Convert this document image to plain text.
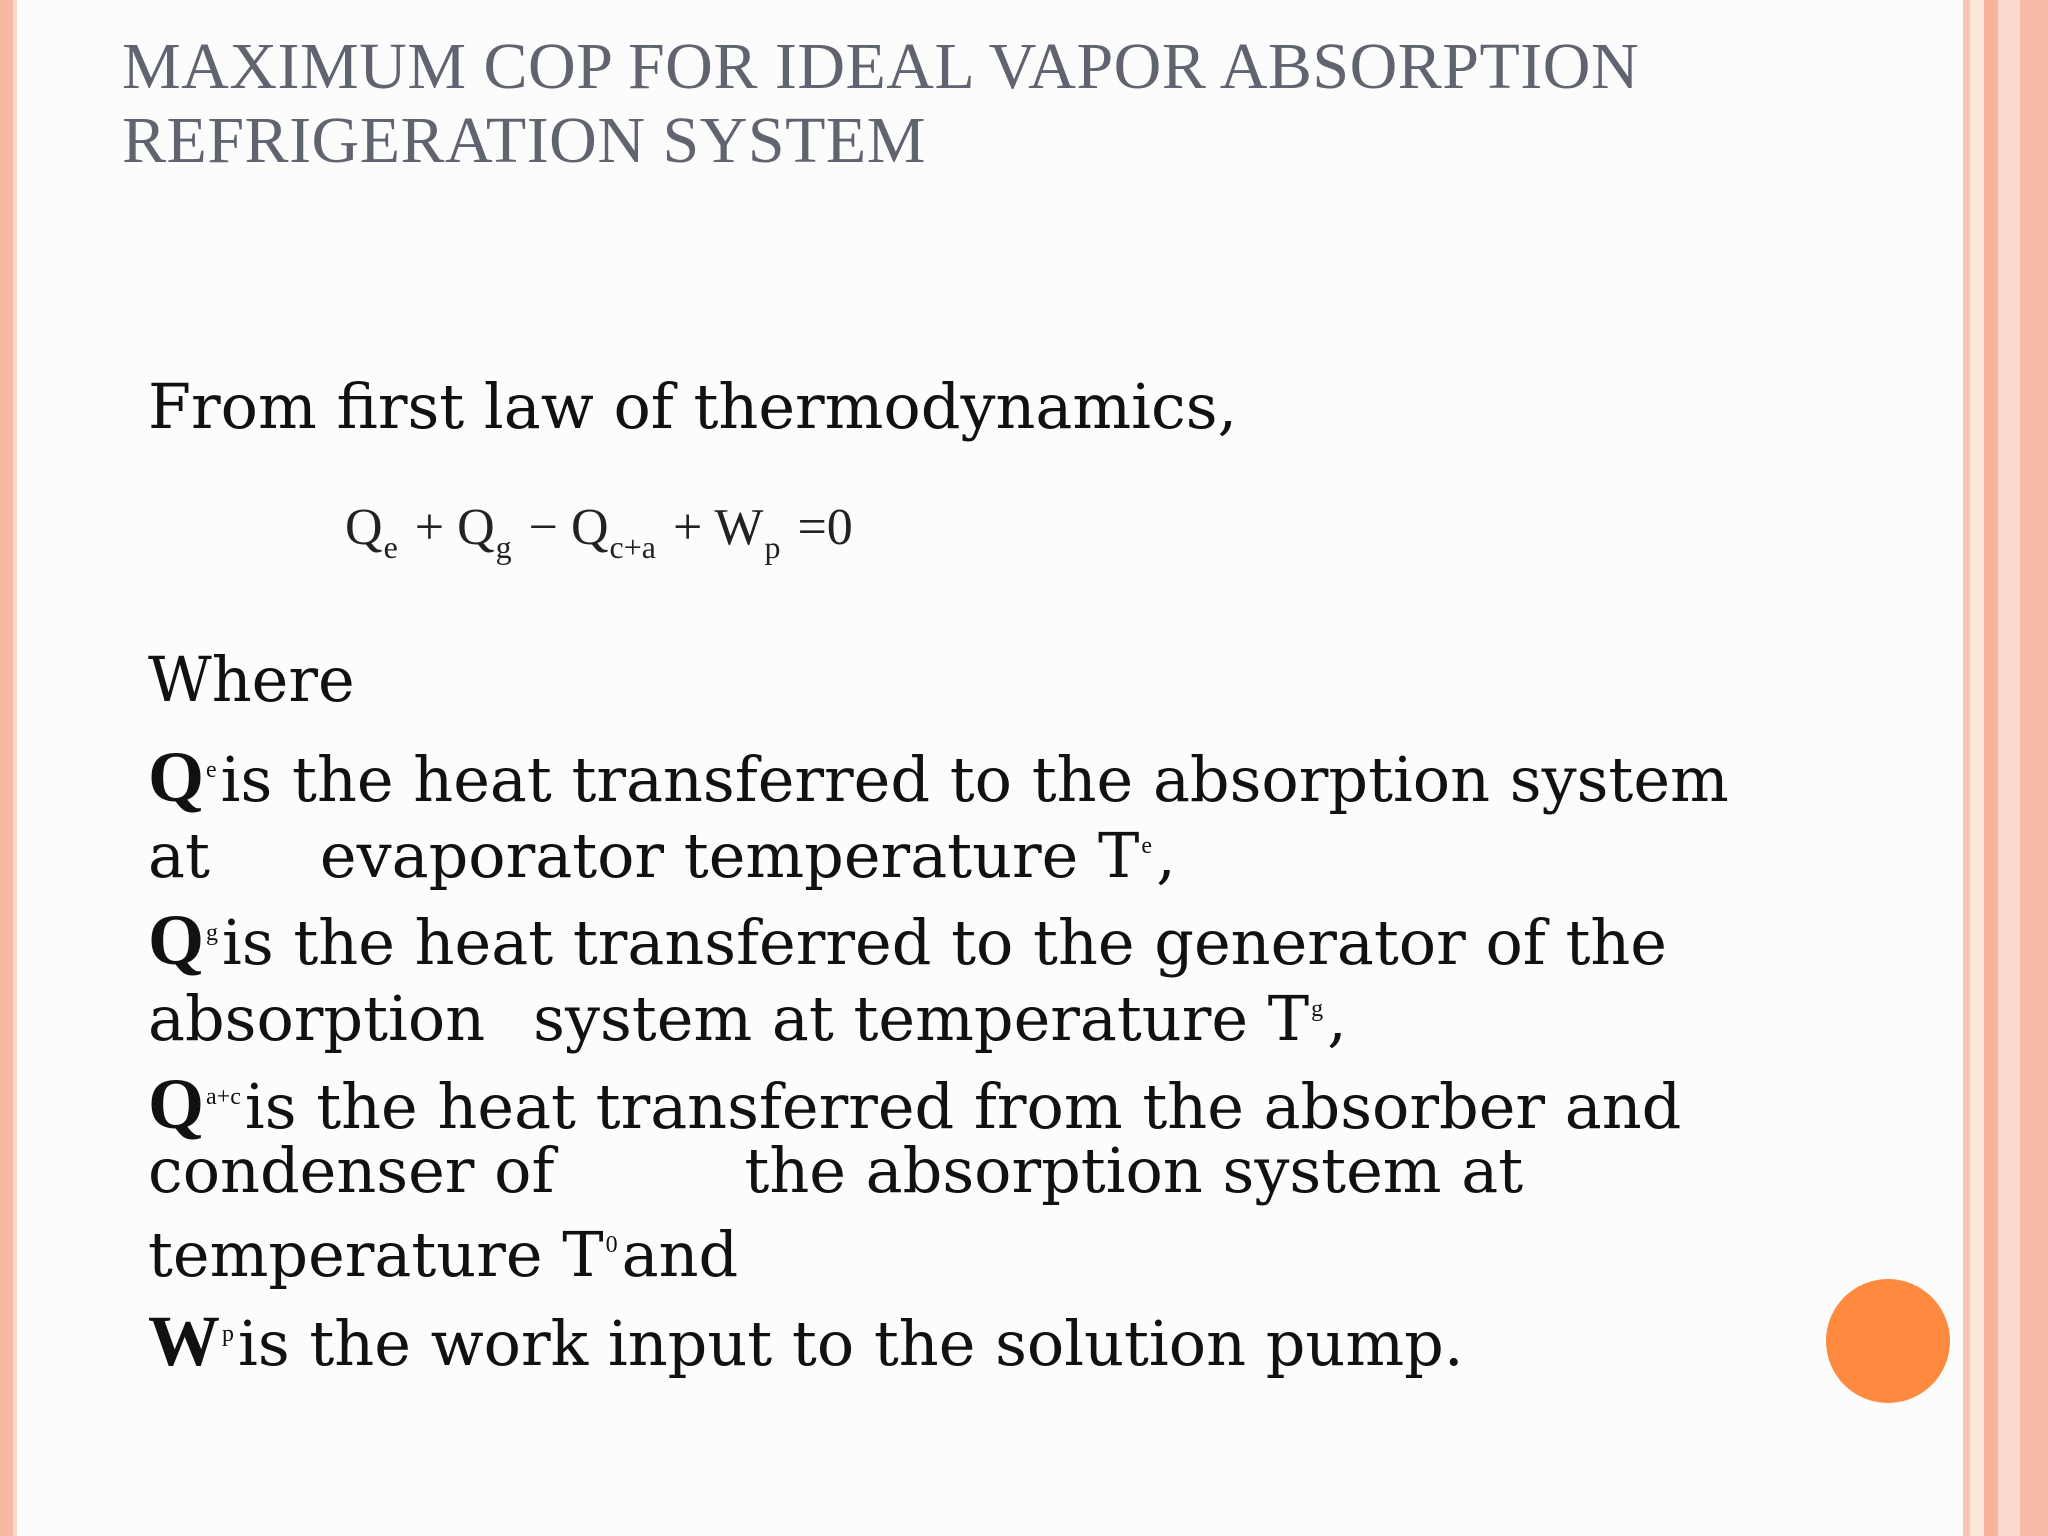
MAXIMUM COP FOR IDEAL VAPOR ABSORPTION
REFRIGERATION SYSTEM
From first law of thermodynamics,
$Q_e + Q_g - Q_{c+a} + W_p =0$
Where
$Q^eis$ the heat transferred to the absorption system
at evaporator temperature $T^e$,
$Q^gis$ the heat transferred to the generator of the
absorption system at temperature $T^g$,
$Q^{a+c}is$ the heat transferred from the absorber and
condenser of	the absorption system at
temperature $T^0and$
$W^pis$ the work input to the solution pump.
